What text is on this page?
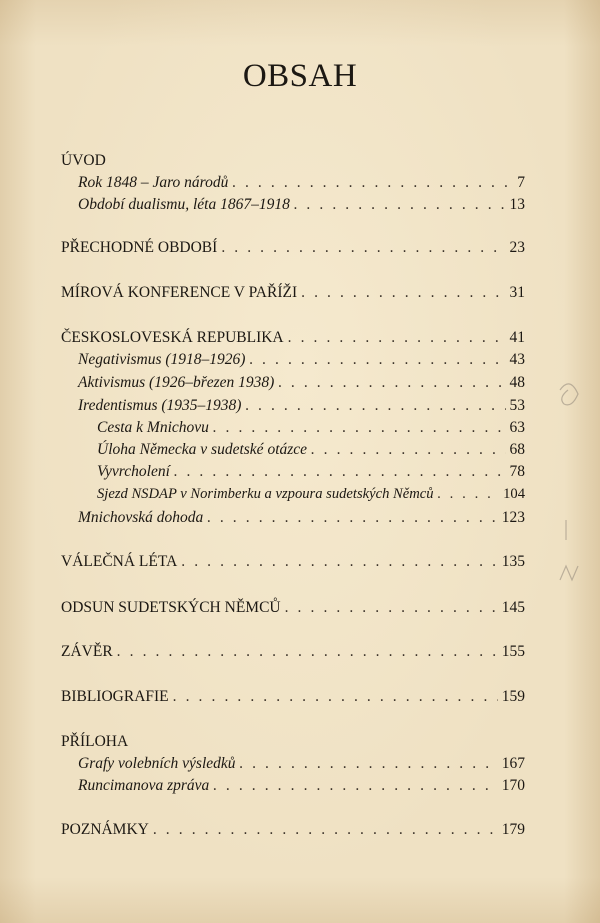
OBSAH
ÚVOD
Rok 1848 – Jaro národů . . .	7
Období dualismu, léta 1867–1918 . . .	13
PŘECHODNÉ OBDOBÍ . . .	23
MÍROVÁ KONFERENCE V PAŘÍŽI . . .	31
ČESKOSLOVESKÁ REPUBLIKA . . .	41
Negativismus (1918–1926) . . .	43
Aktivismus (1926–březen 1938) . . .	48
Iredentismus (1935–1938) . . .	53
Cesta k Mnichovu . . .	63
Úloha Německa v sudetské otázce . . .	68
Vyvrcholení . . .	78
Sjezd NSDAP v Norimberku a vzpoura sudetských Němců . . .	104
Mnichovská dohoda . . .	123
VÁLEČNÁ LÉTA . . .	135
ODSUN SUDETSKÝCH NĚMCŮ . . .	145
ZÁVĚR . . .	155
BIBLIOGRAFIE . . .	159
PŘÍLOHA
Grafy volebních výsledků . . .	167
Runcimanova zpráva . . .	170
POZNÁMKY . . .	179
